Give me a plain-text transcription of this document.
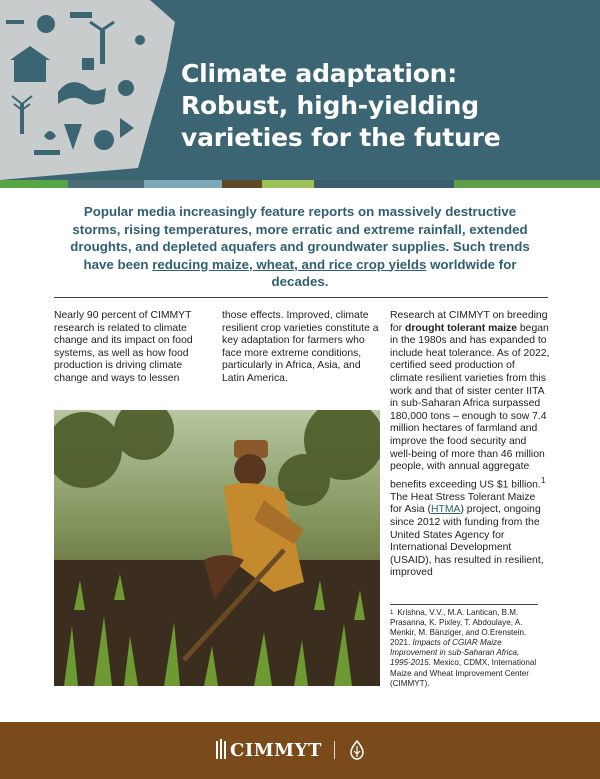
Climate adaptation:
Robust, high-yielding
varieties for the future

Popular media increasingly feature reports on massively destructive storms, rising temperatures, more erratic and extreme rainfall, extended droughts, and depleted aquafers and groundwater supplies. Such trends have been reducing maize, wheat, and rice crop yields worldwide for decades.

Nearly 90 percent of CIMMYT research is related to climate change and its impact on food systems, as well as how food production is driving climate change and ways to lessen

those effects. Improved, climate resilient crop varieties constitute a key adaptation for farmers who face more extreme conditions, particularly in Africa, Asia, and Latin America.

Research at CIMMYT on breeding for drought tolerant maize began in the 1980s and has expanded to include heat tolerance. As of 2022, certified seed production of climate resilient varieties from this work and that of sister center IITA in sub-Saharan Africa surpassed 180,000 tons – enough to sow 7.4 million hectares of farmland and improve the food security and well-being of more than 46 million people, with annual aggregate benefits exceeding US $1 billion.$^1$ The Heat Stress Tolerant Maize for Asia (HTMA) project, ongoing since 2012 with funding from the United States Agency for International Development (USAID), has resulted in resilient, improved

$^1$ Krishna, V.V., M.A. Lantican, B.M. Prasanna, K. Pixley, T. Abdoulaye, A. Menkir, M. Bänziger, and O.Erenstein. 2021. Impacts of CGIAR Maize Improvement in sub-Saharan Africa, 1995-2015. Mexico, CDMX, International Maize and Wheat Improvement Center (CIMMYT).

CIMMYT
